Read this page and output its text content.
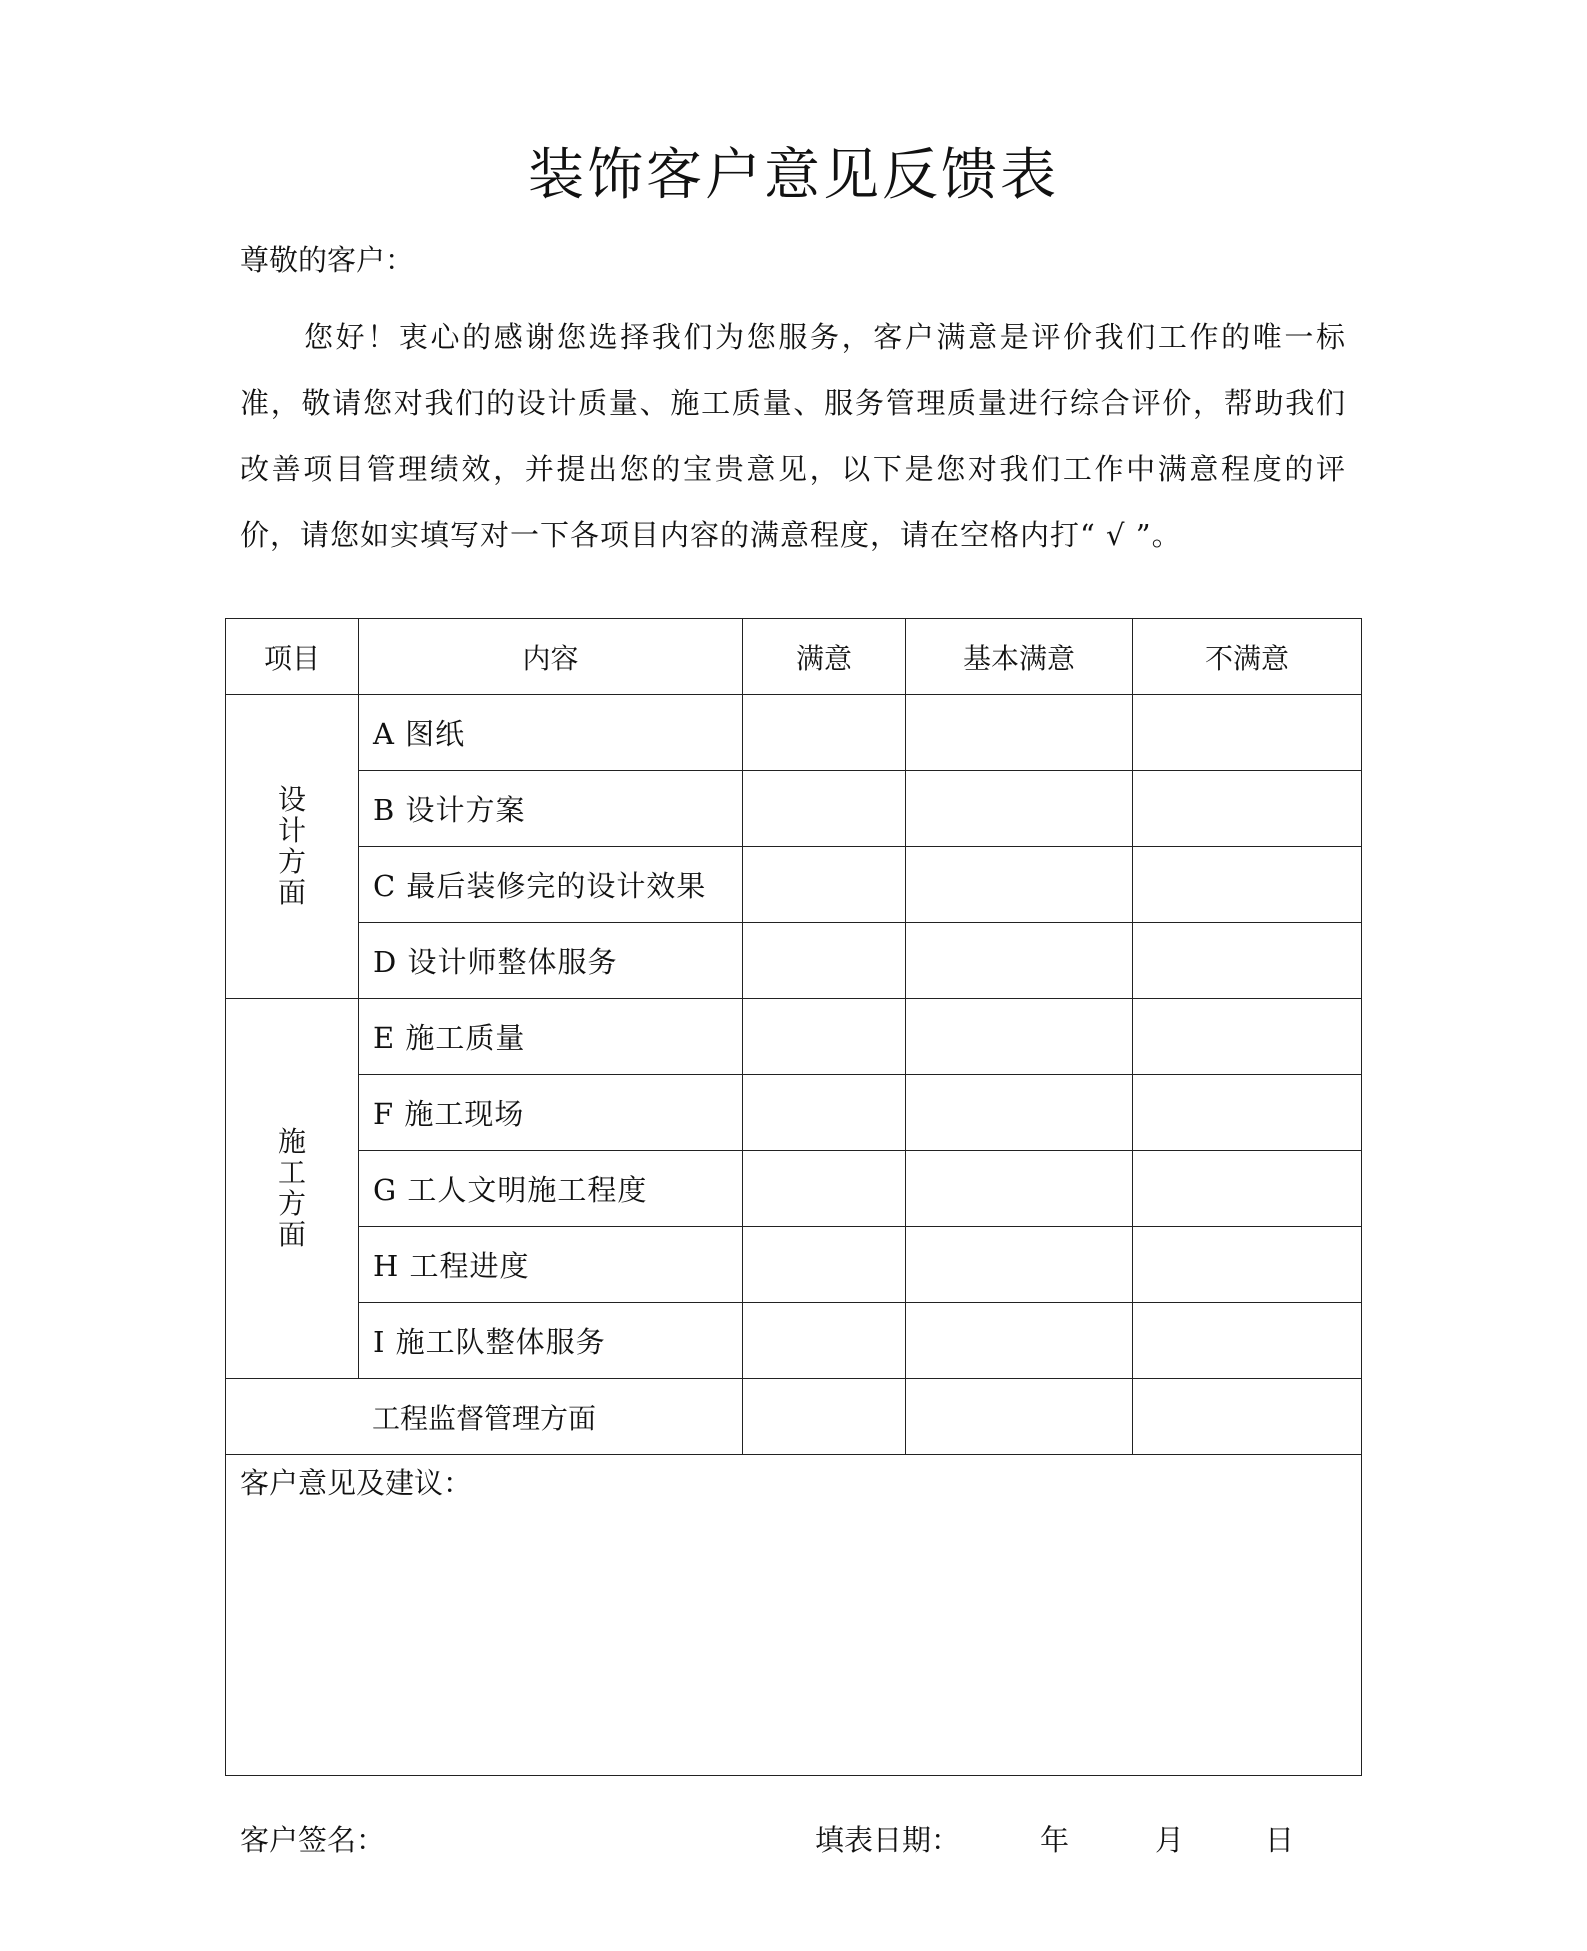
装饰客户意见反馈表
尊敬的客户：
您好！衷心的感谢您选择我们为您服务，客户满意是评价我们工作的唯一标准，敬请您对我们的设计质量、施工质量、服务管理质量进行综合评价，帮助我们改善项目管理绩效，并提出您的宝贵意见，以下是您对我们工作中满意程度的评价，请您如实填写对一下各项目内容的满意程度，请在空格内打“ √ ”。
项目	内容	满意	基本满意	不满意
设计方面	A 图纸			
	B 设计方案			
	C 最后装修完的设计效果			
	D 设计师整体服务			
施工方面	E 施工质量			
	F 施工现场			
	G 工人文明施工程度			
	H 工程进度			
	I 施工队整体服务			
工程监督管理方面				
客户意见及建议：				
客户签名：	填表日期：	年	月	日
